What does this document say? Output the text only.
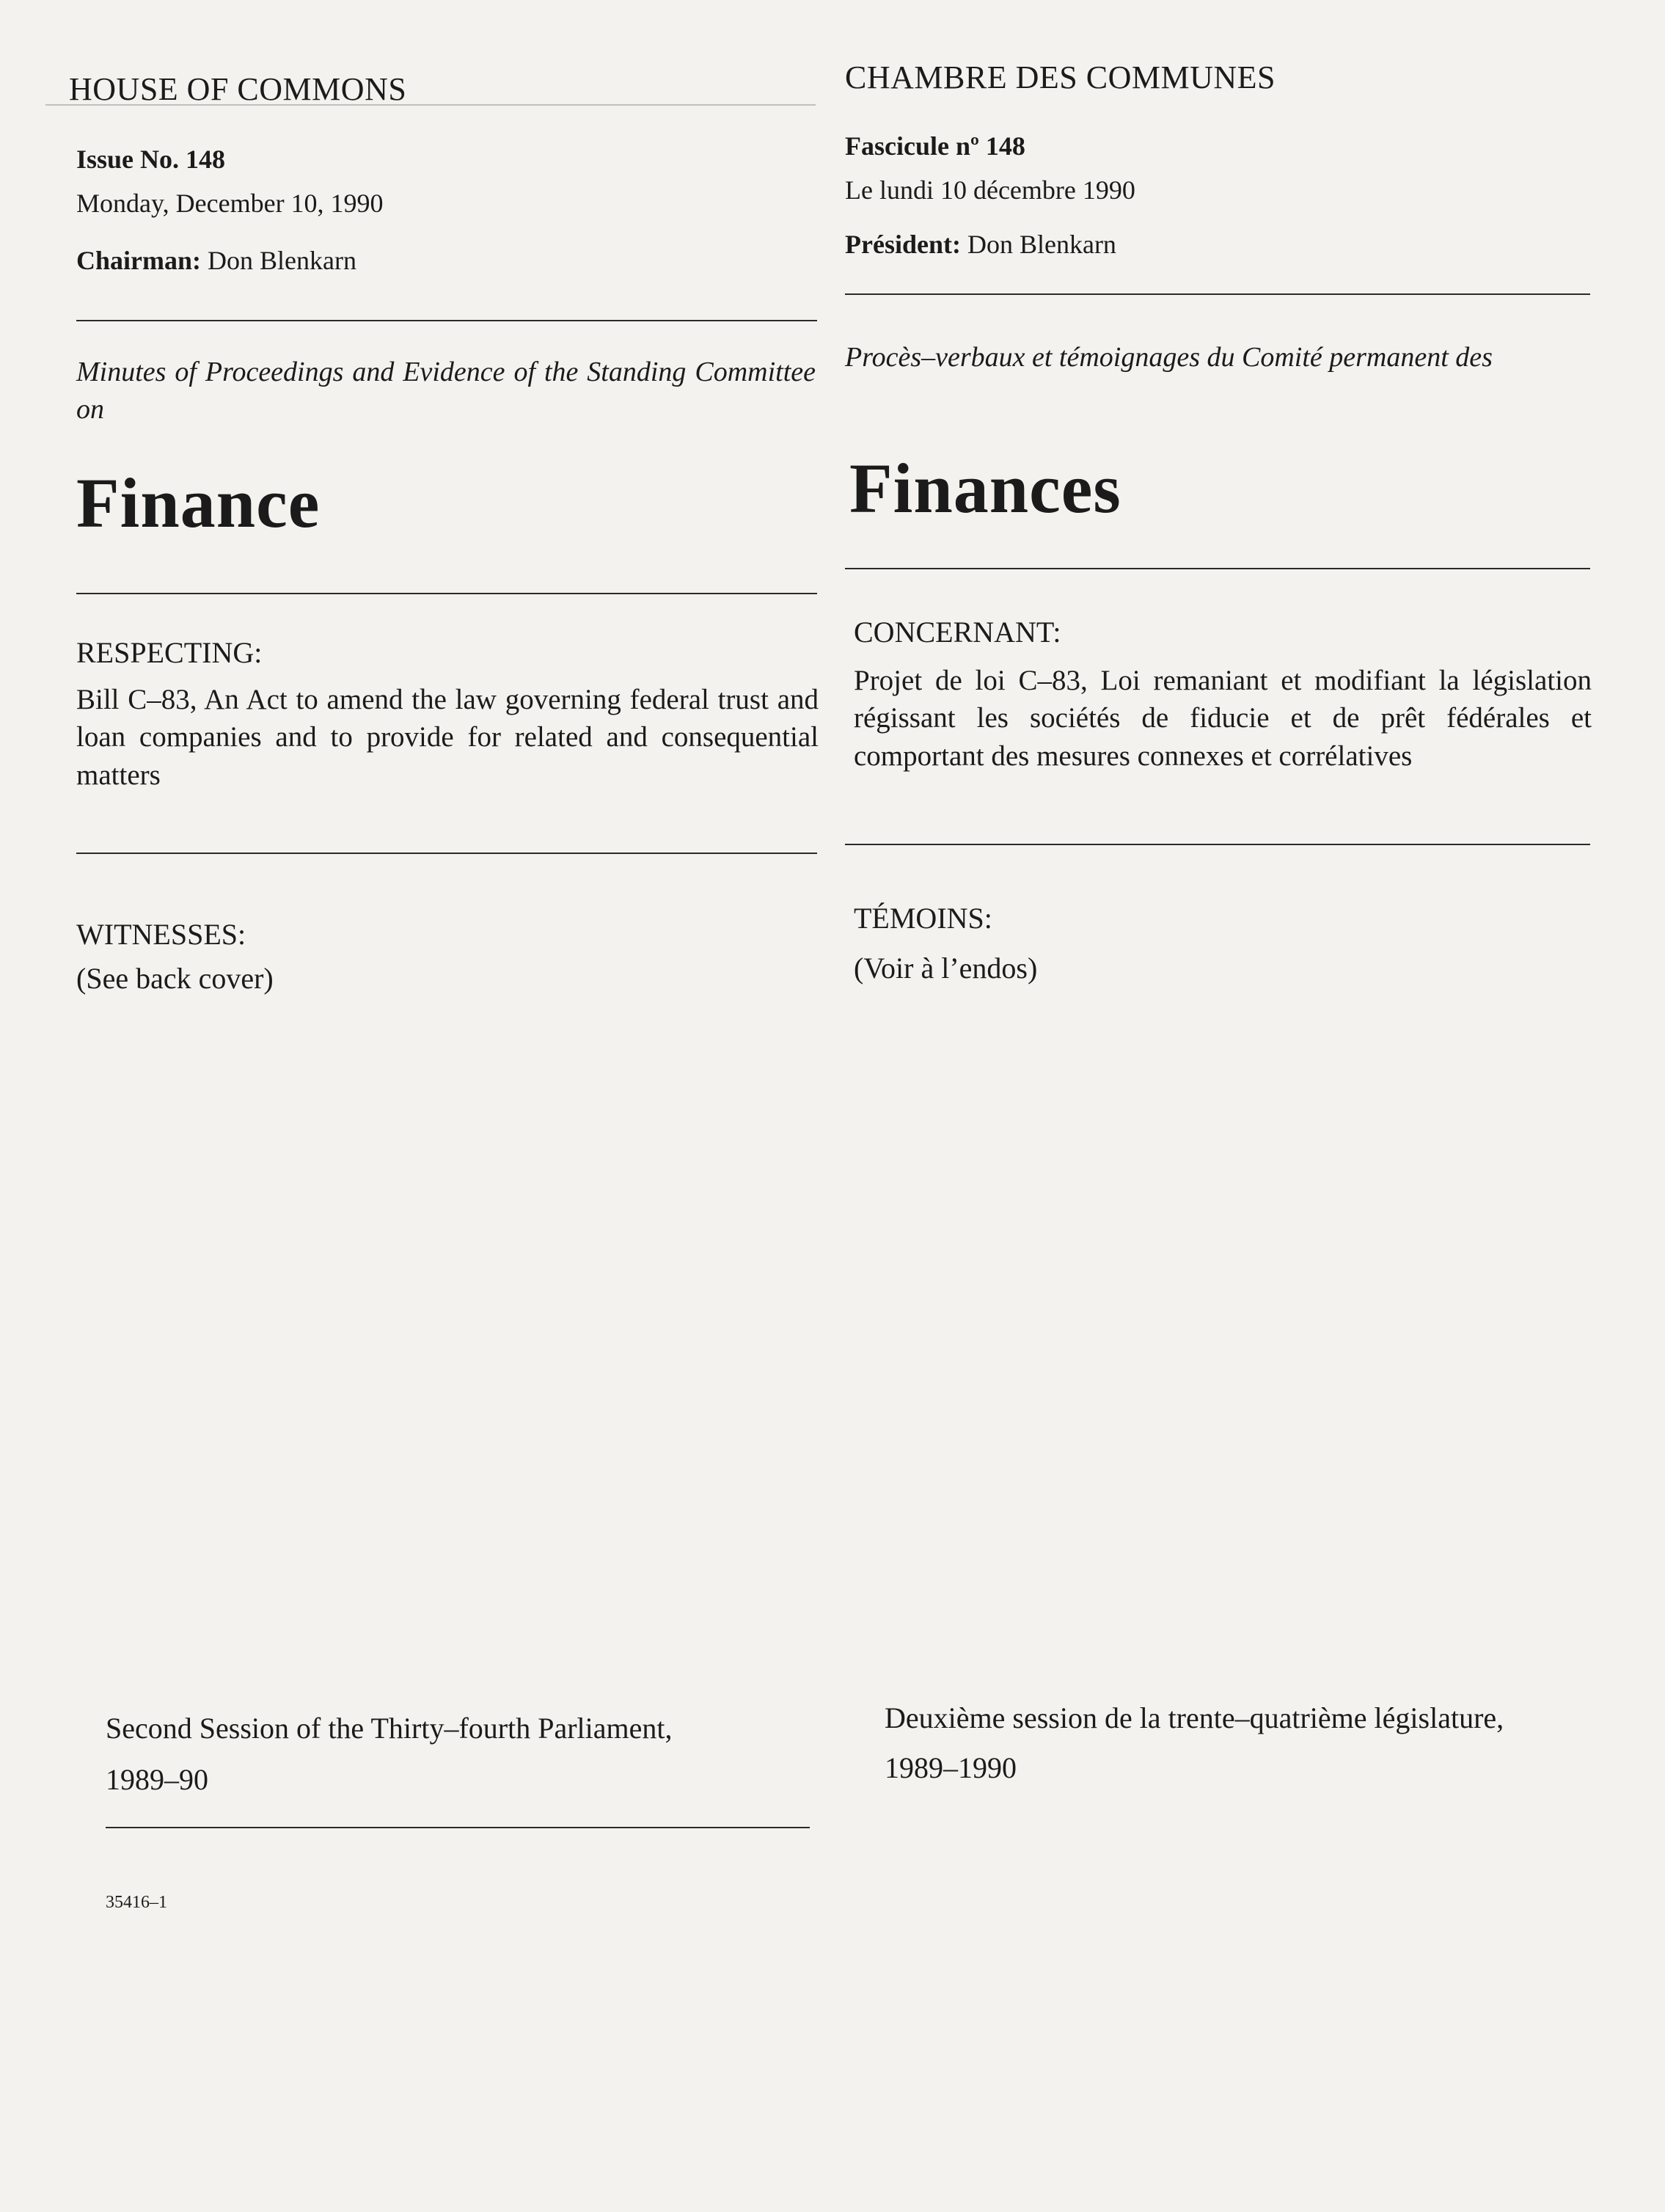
HOUSE OF COMMONS
Issue No. 148
Monday, December 10, 1990
Chairman: Don Blenkarn
Minutes of Proceedings and Evidence of the Standing Committee on
Finance
RESPECTING:
Bill C–83, An Act to amend the law governing federal trust and loan companies and to provide for related and consequential matters
WITNESSES:
(See back cover)
Second Session of the Thirty–fourth Parliament,
1989–90
35416–1
CHAMBRE DES COMMUNES
Fascicule nº 148
Le lundi 10 décembre 1990
Président: Don Blenkarn
Procès–verbaux et témoignages du Comité permanent des
Finances
CONCERNANT:
Projet de loi C–83, Loi remaniant et modifiant la législation régissant les sociétés de fiducie et de prêt fédérales et comportant des mesures connexes et corrélatives
TÉMOINS:
(Voir à l’endos)
Deuxième session de la trente–quatrième législature,
1989–1990
